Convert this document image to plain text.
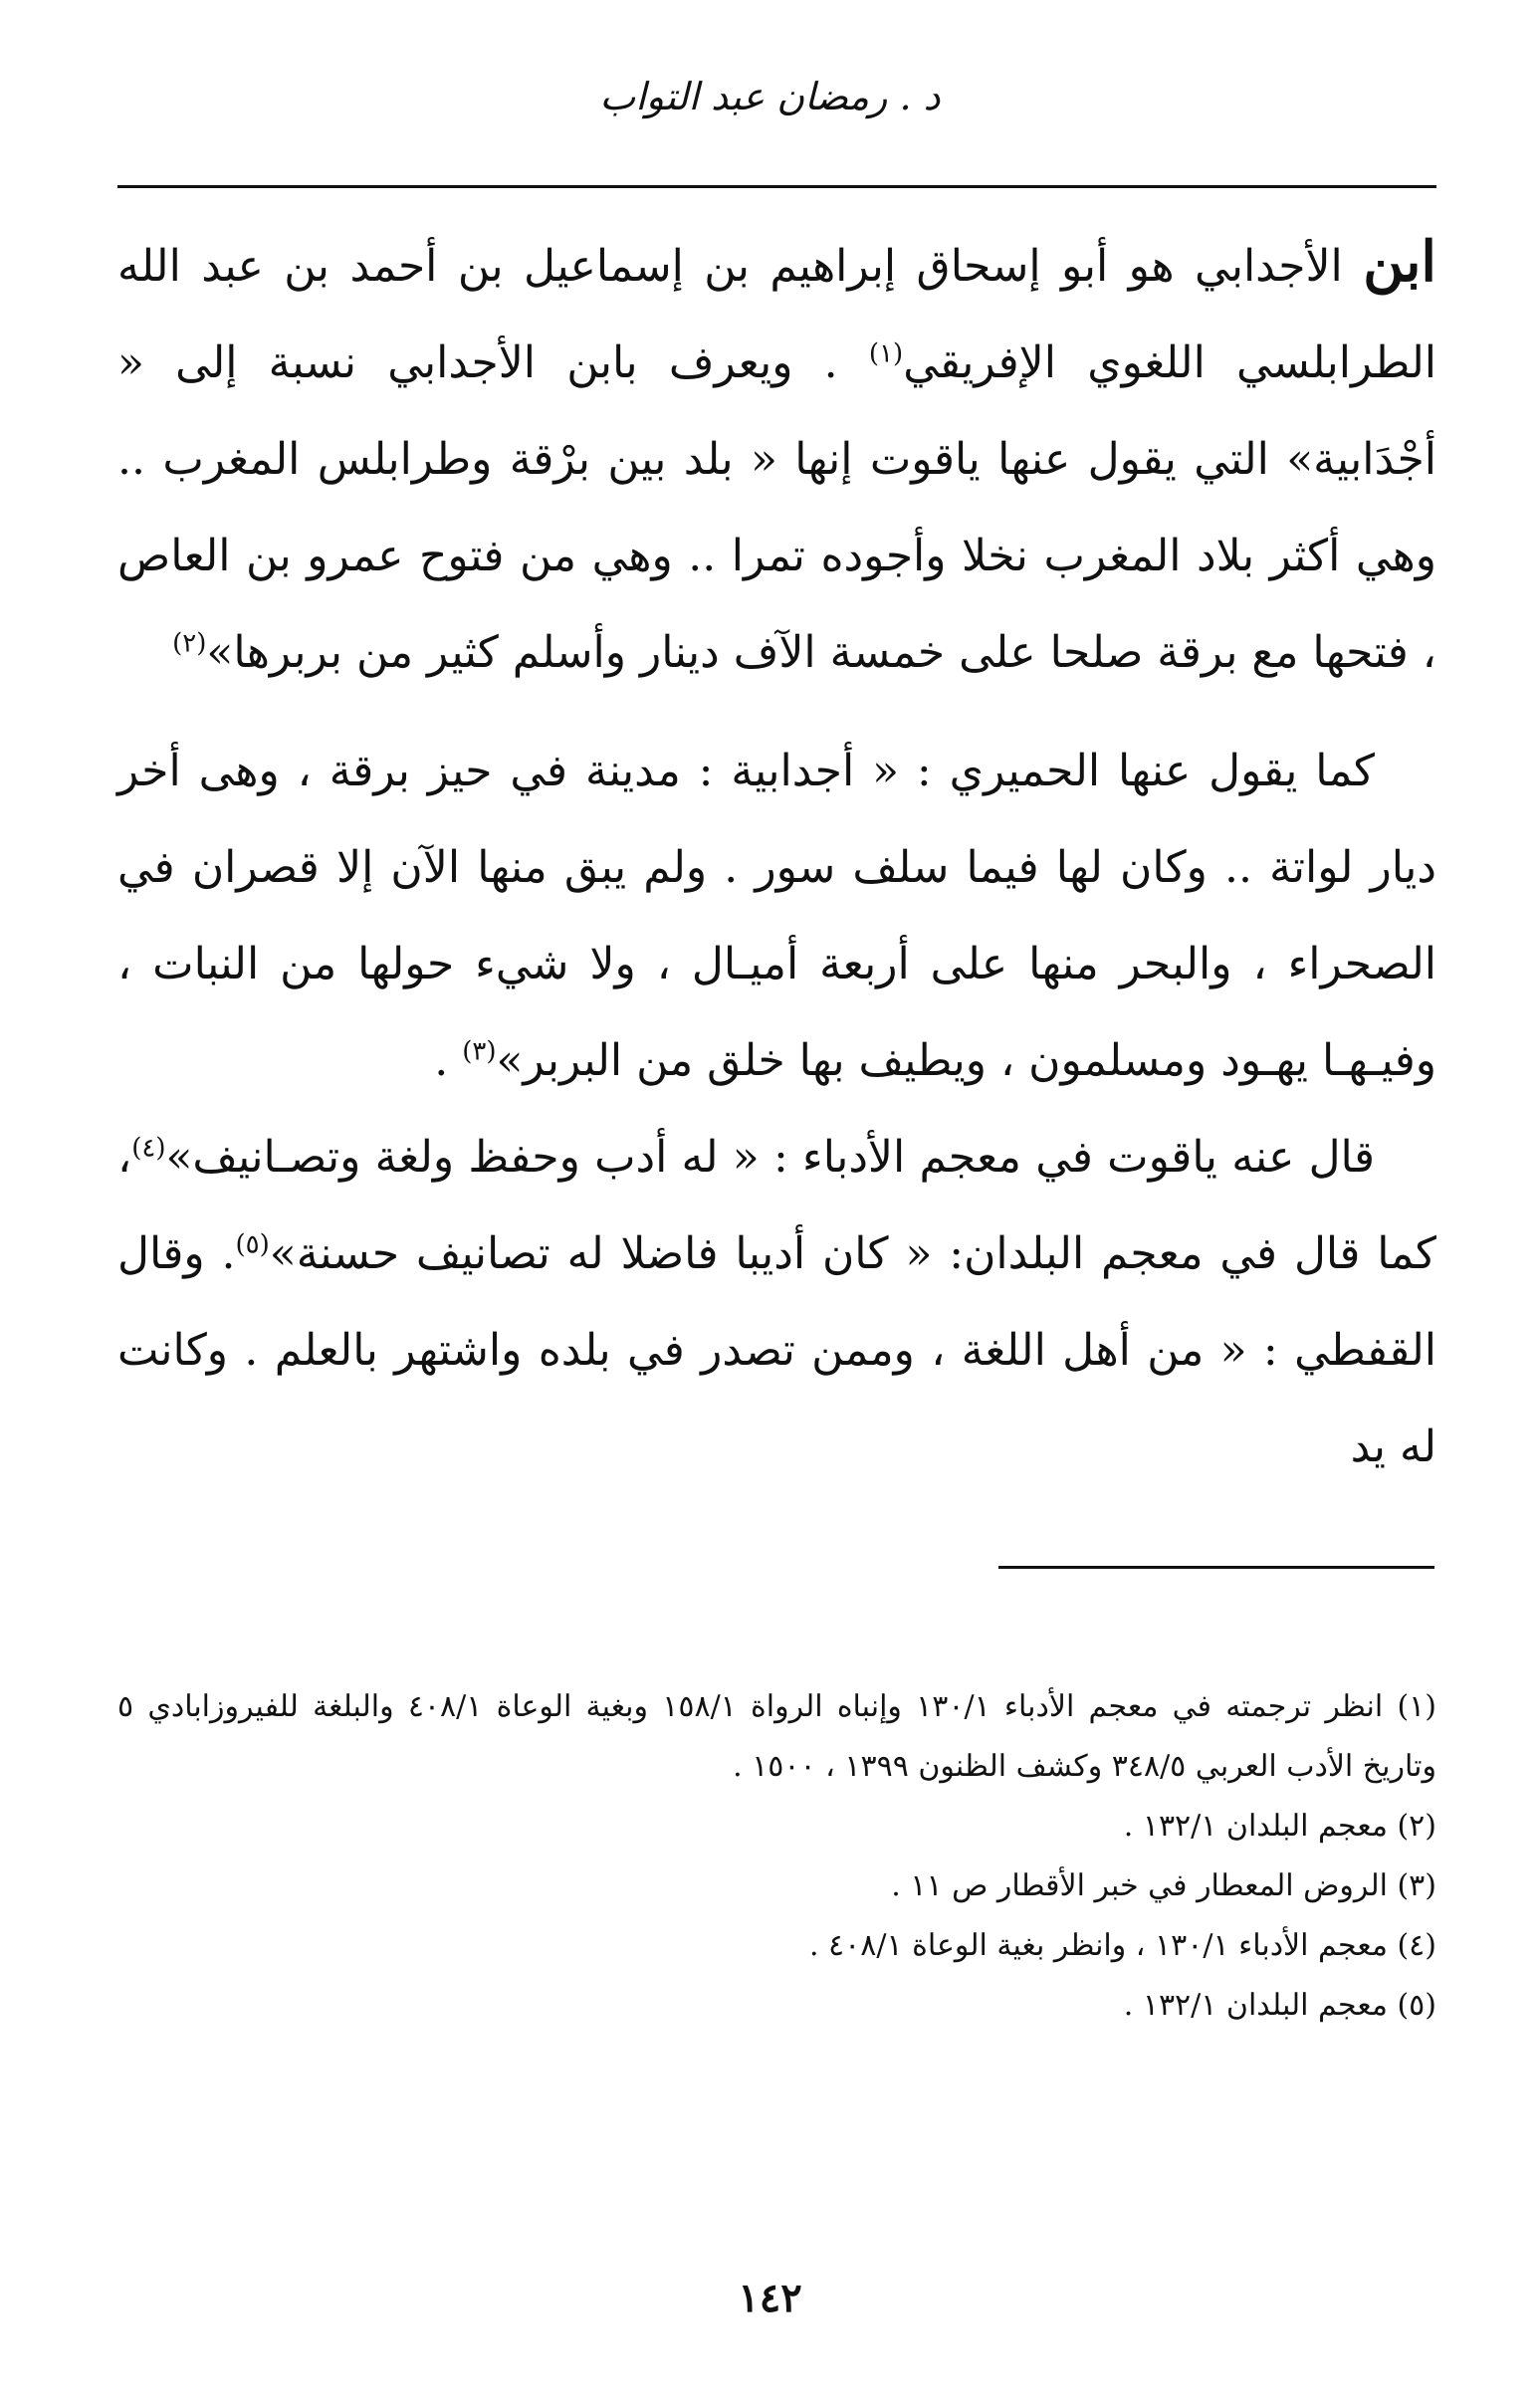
د . رمضان عبد التواب

ابن الأجدابي هو أبو إسحاق إبراهيم بن إسماعيل بن أحمد بن عبد الله الطرابلسي اللغوي الإفريقي$^{(١)}$ . ويعرف بابن الأجدابي نسبة إلى « أجْدَابية» التي يقول عنها ياقوت إنها « بلد بين برْقة وطرابلس المغرب .. وهي أكثر بلاد المغرب نخلا وأجوده تمرا .. وهي من فتوح عمرو بن العاص ، فتحها مع برقة صلحا على خمسة الآف دينار وأسلم كثير من بربرها»$^{(٢)}$

كما يقول عنها الحميري : « أجدابية : مدينة في حيز برقة ، وهى أخر ديار لواتة .. وكان لها فيما سلف سور . ولم يبق منها الآن إلا قصران في الصحراء ، والبحر منها على أربعة أميـال ، ولا شيء حولها من النبات ، وفيـهـا يهـود ومسلمون ، ويطيف بها خلق من البربر»$^{(٣)}$ .

قال عنه ياقوت في معجم الأدباء : « له أدب وحفظ ولغة وتصـانيف»$^{(٤)}$، كما قال في معجم البلدان: « كان أديبا فاضلا له تصانيف حسنة»$^{(٥)}$. وقال القفطي : « من أهل اللغة ، وممن تصدر في بلده واشتهر بالعلم . وكانت له يد

(١) انظر ترجمته في معجم الأدباء ١٣٠/١ وإنباه الرواة ١٥٨/١ وبغية الوعاة ٤٠٨/١ والبلغة للفيروزابادي ٥ وتاريخ الأدب العربي ٣٤٨/٥ وكشف الظنون ١٣٩٩ ، ١٥٠٠ .

(٢) معجم البلدان ١٣٢/١ .

(٣) الروض المعطار في خبر الأقطار ص ١١ .

(٤) معجم الأدباء ١٣٠/١ ، وانظر بغية الوعاة ٤٠٨/١ .

(٥) معجم البلدان ١٣٢/١ .

١٤٢
